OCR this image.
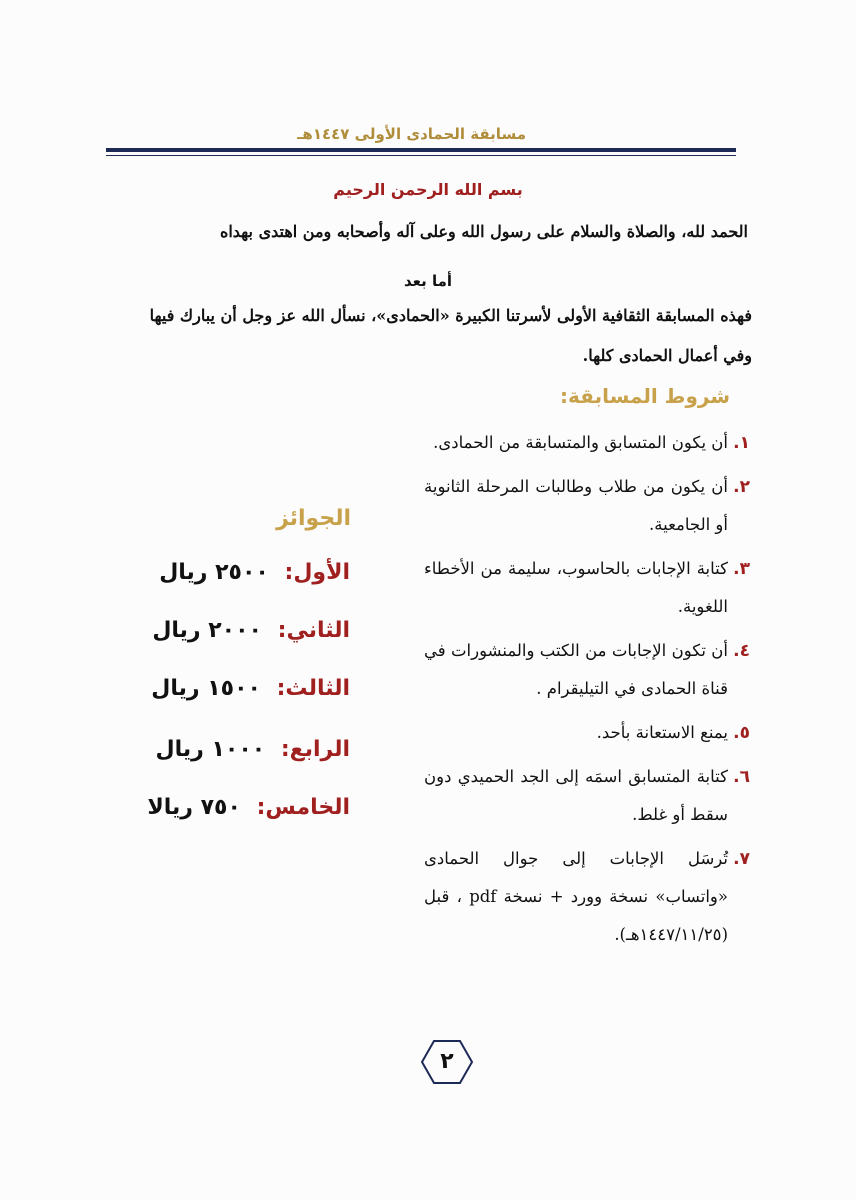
مسابقة الحمادى الأولى ١٤٤٧هـ
بسم الله الرحمن الرحيم
الحمد لله، والصلاة والسلام على رسول الله وعلى آله وأصحابه ومن اهتدى بهداه
أما بعد
فهذه المسابقة الثقافية الأولى لأسرتنا الكبيرة «الحمادى»، نسأل الله عز وجل أن يبارك فيها
وفي أعمال الحمادى كلها.
شروط المسابقة:
١.
أن يكون المتسابق والمتسابقة من الحمادى.
٢.
أن يكون من طلاب وطالبات المرحلة الثانوية أو الجامعية.
٣.
كتابة الإجابات بالحاسوب، سليمة من الأخطاء اللغوية.
٤.
أن تكون الإجابات من الكتب والمنشورات في قناة الحمادى في التيليقرام .
٥.
يمنع الاستعانة بأحد.
٦.
كتابة المتسابق اسمَه إلى الجد الحميدي دون سقط أو غلط.
٧.
تُرسَل الإجابات إلى جوال الحمادى «واتساب» نسخة وورد + نسخة pdf ، قبل (١٤٤٧/١١/٢٥هـ).
الجوائز
الأول: ٢٥٠٠ ريال
الثاني: ٢٠٠٠ ريال
الثالث: ١٥٠٠ ريال
الرابع: ١٠٠٠ ريال
الخامس: ٧٥٠ ريالا
٢
